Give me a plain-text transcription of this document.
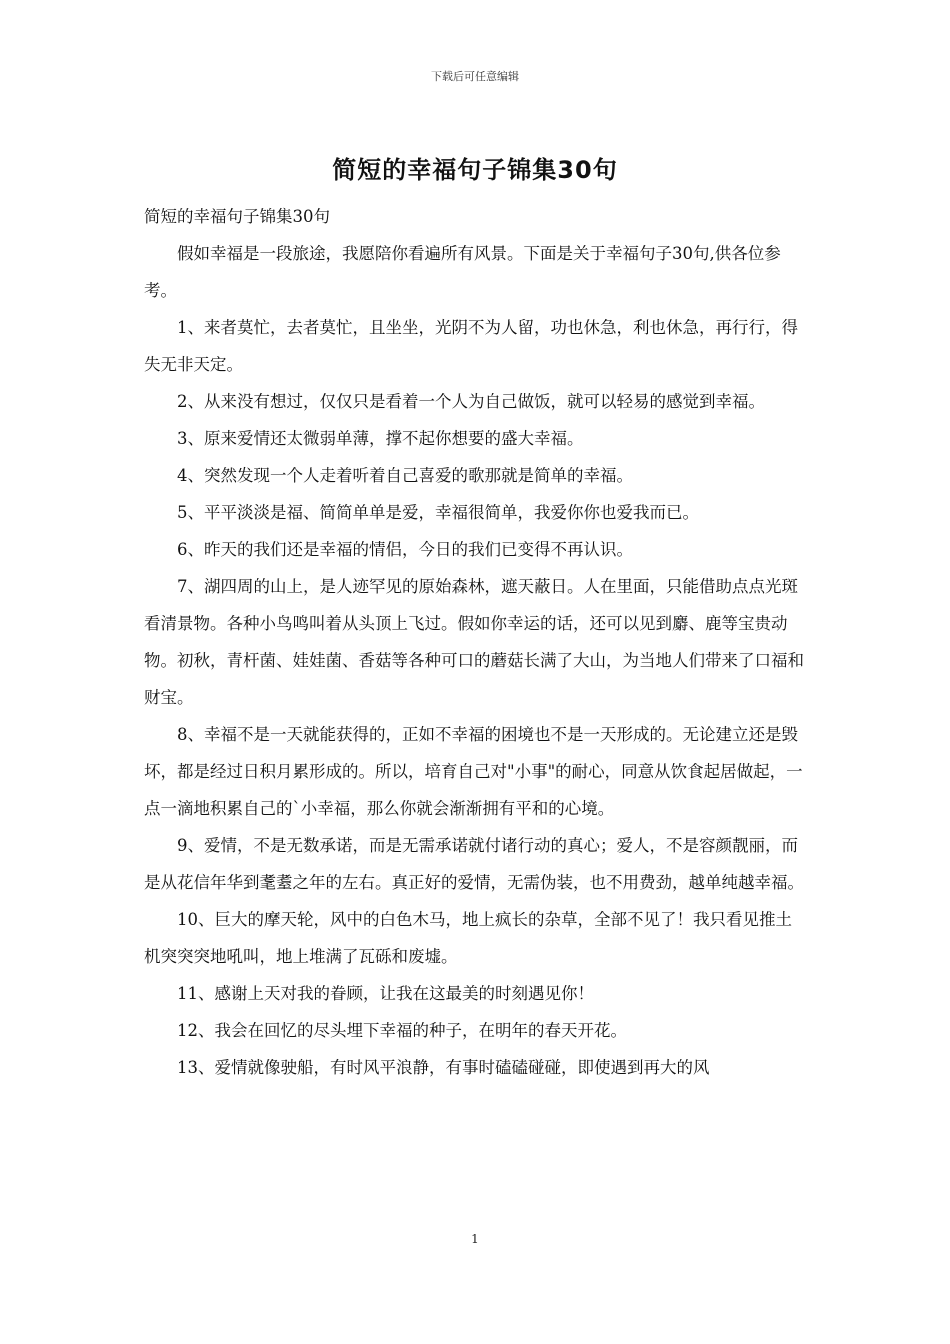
下载后可任意编辑
简短的幸福句子锦集30句

简短的幸福句子锦集30句

假如幸福是一段旅途，我愿陪你看遍所有风景。下面是关于幸福句子30句,供各位参考。

1、来者莫忙，去者莫忙，且坐坐，光阴不为人留，功也休急，利也休急，再行行，得失无非天定。

2、从来没有想过，仅仅只是看着一个人为自己做饭，就可以轻易的感觉到幸福。

3、原来爱情还太微弱单薄，撑不起你想要的盛大幸福。

4、突然发现一个人走着听着自己喜爱的歌那就是简单的幸福。

5、平平淡淡是福、简简单单是爱，幸福很简单，我爱你你也爱我而已。

6、昨天的我们还是幸福的情侣，今日的我们已变得不再认识。

7、湖四周的山上，是人迹罕见的原始森林，遮天蔽日。人在里面，只能借助点点光斑看清景物。各种小鸟鸣叫着从头顶上飞过。假如你幸运的话，还可以见到麝、鹿等宝贵动物。初秋，青杆菌、娃娃菌、香菇等各种可口的蘑菇长满了大山，为当地人们带来了口福和财宝。

8、幸福不是一天就能获得的，正如不幸福的困境也不是一天形成的。无论建立还是毁坏，都是经过日积月累形成的。所以，培育自己对"小事"的耐心，同意从饮食起居做起，一点一滴地积累自己的`小幸福，那么你就会渐渐拥有平和的心境。

9、爱情，不是无数承诺，而是无需承诺就付诸行动的真心；爱人，不是容颜靓丽，而是从花信年华到耄耋之年的左右。真正好的爱情，无需伪装，也不用费劲，越单纯越幸福。

10、巨大的摩天轮，风中的白色木马，地上疯长的杂草，全部不见了！我只看见推土机突突突地吼叫，地上堆满了瓦砾和废墟。

11、感谢上天对我的眷顾，让我在这最美的时刻遇见你！

12、我会在回忆的尽头埋下幸福的种子，在明年的春天开花。

13、爱情就像驶船，有时风平浪静，有事时磕磕碰碰，即使遇到再大的风

1
